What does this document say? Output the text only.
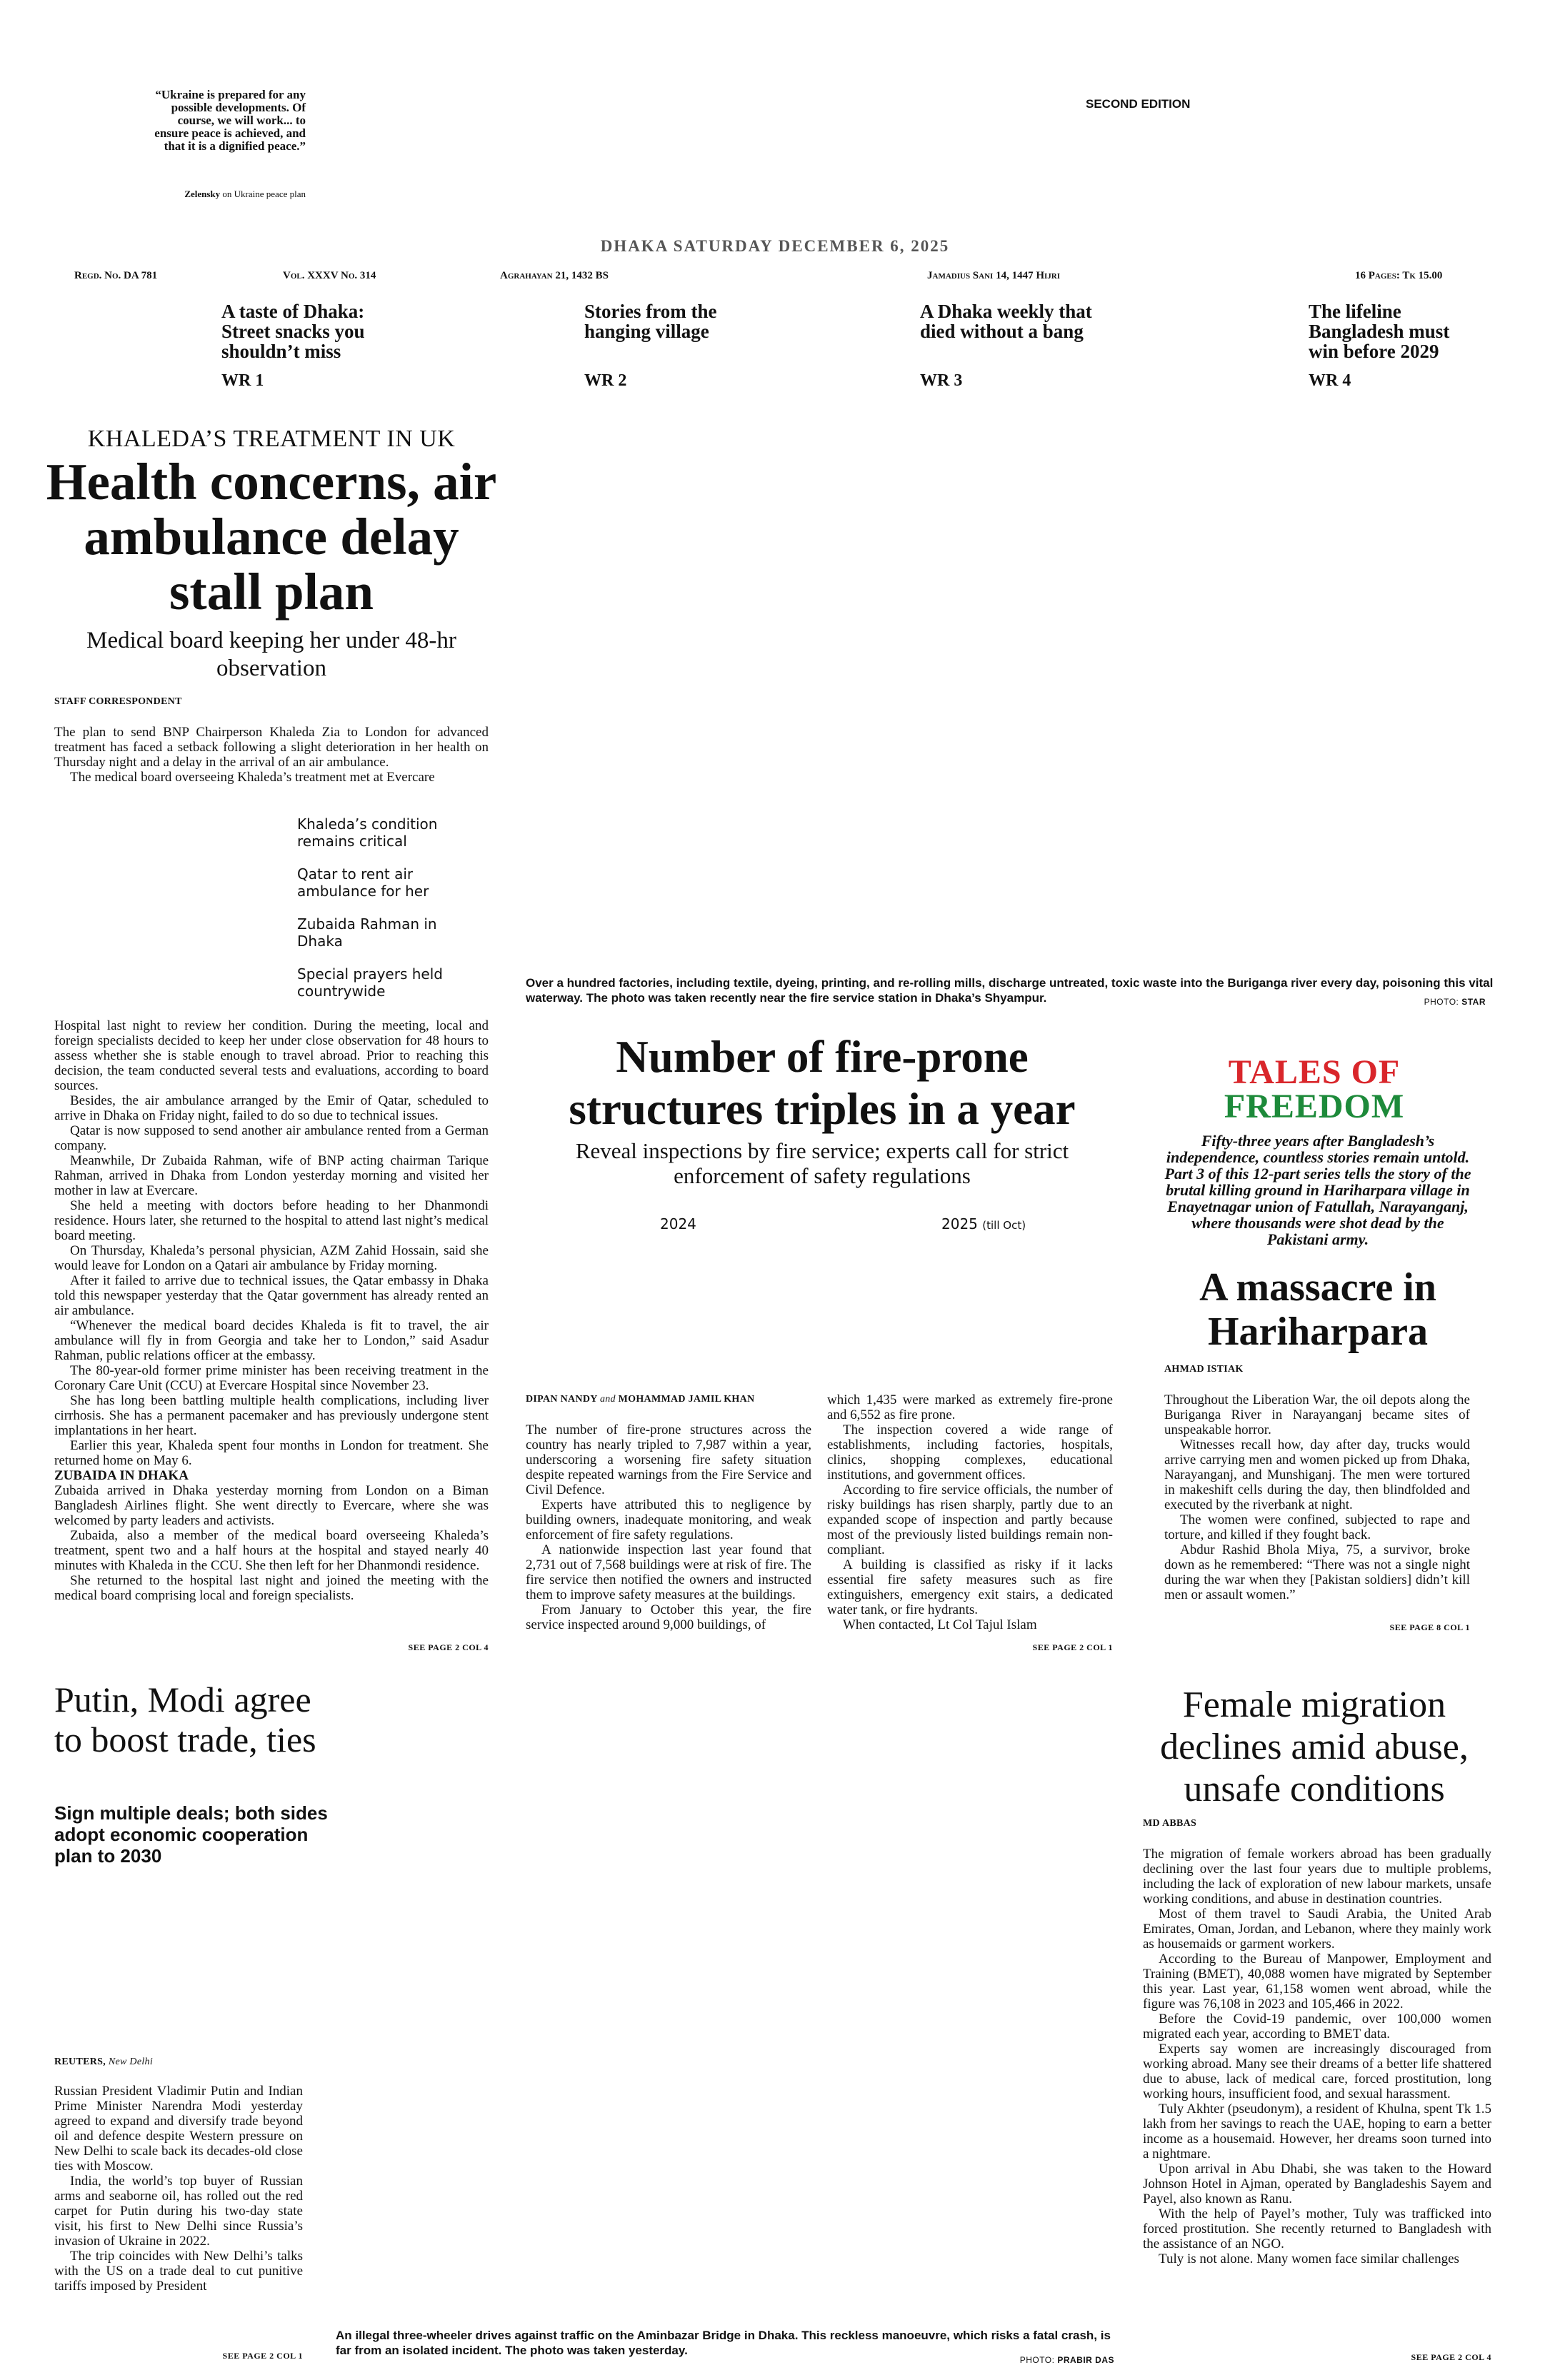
“Ukraine is prepared for any possible developments. Of course, we will work... to ensure peace is achieved, and that it is a dignified peace.”
Zelensky on Ukraine peace plan
SECOND EDITION
DHAKA SATURDAY DECEMBER 6, 2025
Regd. No. DA 781	Vol. XXXV No. 314	Agrahayan 21, 1432 BS	Jamadius Sani 14, 1447 Hijri	16 Pages: Tk 15.00
A taste of Dhaka: Street snacks you shouldn’t miss
WR 1
Stories from the hanging village
WR 2
A Dhaka weekly that died without a bang
WR 3
The lifeline Bangladesh must win before 2029
WR 4
KHALEDA’S TREATMENT IN UK
Health concerns, air ambulance delay stall plan
Medical board keeping her under 48-hr observation
STAFF CORRESPONDENT

The plan to send BNP Chairperson Khaleda Zia to London for advanced treatment has faced a setback following a slight deterioration in her health on Thursday night and a delay in the arrival of an air ambulance.

The medical board overseeing Khaleda’s treatment met at Evercare

Khaleda’s condition remains critical
Qatar to rent air ambulance for her
Zubaida Rahman in Dhaka
Special prayers held countrywide

Hospital last night to review her condition. During the meeting, local and foreign specialists decided to keep her under close observation for 48 hours to assess whether she is stable enough to travel abroad. Prior to reaching this decision, the team conducted several tests and evaluations, according to board sources.

Besides, the air ambulance arranged by the Emir of Qatar, scheduled to arrive in Dhaka on Friday night, failed to do so due to technical issues.

Qatar is now supposed to send another air ambulance rented from a German company.

Meanwhile, Dr Zubaida Rahman, wife of BNP acting chairman Tarique Rahman, arrived in Dhaka from London yesterday morning and visited her mother in law at Evercare.

She held a meeting with doctors before heading to her Dhanmondi residence. Hours later, she returned to the hospital to attend last night’s medical board meeting.

On Thursday, Khaleda’s personal physician, AZM Zahid Hossain, said she would leave for London on a Qatari air ambulance by Friday morning.

After it failed to arrive due to technical issues, the Qatar embassy in Dhaka told this newspaper yesterday that the Qatar government has already rented an air ambulance.

“Whenever the medical board decides Khaleda is fit to travel, the air ambulance will fly in from Georgia and take her to London,” said Asadur Rahman, public relations officer at the embassy.

The 80-year-old former prime minister has been receiving treatment in the Coronary Care Unit (CCU) at Evercare Hospital since November 23.

She has long been battling multiple health complications, including liver cirrhosis. She has a permanent pacemaker and has previously undergone stent implantations in her heart.

Earlier this year, Khaleda spent four months in London for treatment. She returned home on May 6.

ZUBAIDA IN DHAKA

Zubaida arrived in Dhaka yesterday morning from London on a Biman Bangladesh Airlines flight. She went directly to Evercare, where she was welcomed by party leaders and activists.

Zubaida, also a member of the medical board overseeing Khaleda’s treatment, spent two and a half hours at the hospital and stayed nearly 40 minutes with Khaleda in the CCU. She then left for her Dhanmondi residence.

She returned to the hospital last night and joined the meeting with the medical board comprising local and foreign specialists.

SEE PAGE 2 COL 4
Over a hundred factories, including textile, dyeing, printing, and re-rolling mills, discharge untreated, toxic waste into the Buriganga river every day, poisoning this vital waterway. The photo was taken recently near the fire service station in Dhaka’s Shyampur.	PHOTO: STAR
Number of fire-prone structures triples in a year
Reveal inspections by fire service; experts call for strict enforcement of safety regulations
2024	2025 (till Oct)
DIPAN NANDY and MOHAMMAD JAMIL KHAN

The number of fire-prone structures across the country has nearly tripled to 7,987 within a year, underscoring a worsening fire safety situation despite repeated warnings from the Fire Service and Civil Defence.

Experts have attributed this to negligence by building owners, inadequate monitoring, and weak enforcement of fire safety regulations.

A nationwide inspection last year found that 2,731 out of 7,568 buildings were at risk of fire. The fire service then notified the owners and instructed them to improve safety measures at the buildings.

From January to October this year, the fire service inspected around 9,000 buildings, of

which 1,435 were marked as extremely fire-prone and 6,552 as fire prone.

The inspection covered a wide range of establishments, including factories, hospitals, clinics, shopping complexes, educational institutions, and government offices.

According to fire service officials, the number of risky buildings has risen sharply, partly due to an expanded scope of inspection and partly because most of the previously listed buildings remain non-compliant.

A building is classified as risky if it lacks essential fire safety measures such as fire extinguishers, emergency exit stairs, a dedicated water tank, or fire hydrants.

When contacted, Lt Col Tajul Islam

SEE PAGE 2 COL 1
TALES OF
FREEDOM
Fifty-three years after Bangladesh’s independence, countless stories remain untold. Part 3 of this 12-part series tells the story of the brutal killing ground in Hariharpara village in Enayetnagar union of Fatullah, Narayanganj, where thousands were shot dead by the Pakistani army.
A massacre in Hariharpara
AHMAD ISTIAK

Throughout the Liberation War, the oil depots along the Buriganga River in Narayanganj became sites of unspeakable horror.

Witnesses recall how, day after day, trucks would arrive carrying men and women picked up from Dhaka, Narayanganj, and Munshiganj. The men were tortured in makeshift cells during the day, then blindfolded and executed by the riverbank at night.

The women were confined, subjected to rape and torture, and killed if they fought back.

Abdur Rashid Bhola Miya, 75, a survivor, broke down as he remembered: “There was not a single night during the war when they [Pakistan soldiers] didn’t kill men or assault women.”

SEE PAGE 8 COL 1
Putin, Modi agree to boost trade, ties
Sign multiple deals; both sides adopt economic cooperation plan to 2030
REUTERS, New Delhi

Russian President Vladimir Putin and Indian Prime Minister Narendra Modi yesterday agreed to expand and diversify trade beyond oil and defence despite Western pressure on New Delhi to scale back its decades-old close ties with Moscow.

India, the world’s top buyer of Russian arms and seaborne oil, has rolled out the red carpet for Putin during his two-day state visit, his first to New Delhi since Russia’s invasion of Ukraine in 2022.

The trip coincides with New Delhi’s talks with the US on a trade deal to cut punitive tariffs imposed by President

SEE PAGE 2 COL 1
An illegal three-wheeler drives against traffic on the Aminbazar Bridge in Dhaka. This reckless manoeuvre, which risks a fatal crash, is far from an isolated incident. The photo was taken yesterday.
PHOTO: PRABIR DAS
Female migration declines amid abuse, unsafe conditions
MD ABBAS

The migration of female workers abroad has been gradually declining over the last four years due to multiple problems, including the lack of exploration of new labour markets, unsafe working conditions, and abuse in destination countries.

Most of them travel to Saudi Arabia, the United Arab Emirates, Oman, Jordan, and Lebanon, where they mainly work as housemaids or garment workers.

According to the Bureau of Manpower, Employment and Training (BMET), 40,088 women have migrated by September this year. Last year, 61,158 women went abroad, while the figure was 76,108 in 2023 and 105,466 in 2022.

Before the Covid-19 pandemic, over 100,000 women migrated each year, according to BMET data.

Experts say women are increasingly discouraged from working abroad. Many see their dreams of a better life shattered due to abuse, lack of medical care, forced prostitution, long working hours, insufficient food, and sexual harassment.

Tuly Akhter (pseudonym), a resident of Khulna, spent Tk 1.5 lakh from her savings to reach the UAE, hoping to earn a better income as a housemaid. However, her dreams soon turned into a nightmare.

Upon arrival in Abu Dhabi, she was taken to the Howard Johnson Hotel in Ajman, operated by Bangladeshis Sayem and Payel, also known as Ranu.

With the help of Payel’s mother, Tuly was trafficked into forced prostitution. She recently returned to Bangladesh with the assistance of an NGO.

Tuly is not alone. Many women face similar challenges

SEE PAGE 2 COL 4
